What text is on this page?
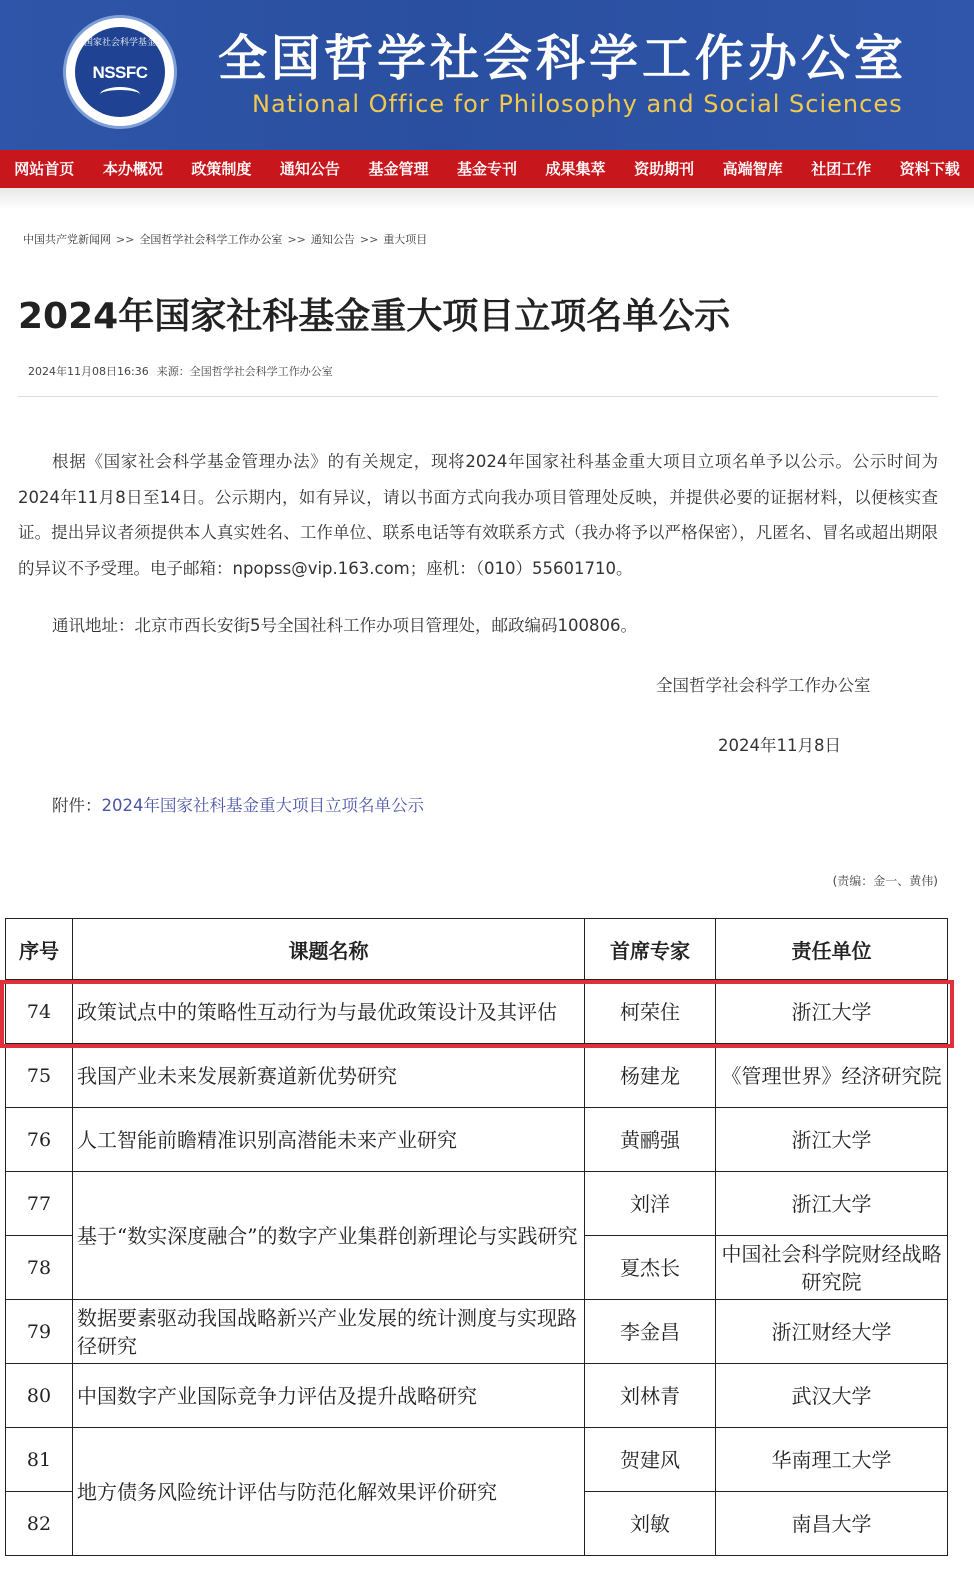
国家社会科学基金
NSSFC	全国哲学社会科学工作办公室
National Office for Philosophy and Social Sciences
网站首页	本办概况	政策制度	通知公告	基金管理	基金专刊	成果集萃	资助期刊	高端智库	社团工作	资料下载
中国共产党新闻网 >> 全国哲学社会科学工作办公室 >> 通知公告 >> 重大项目
2024年国家社科基金重大项目立项名单公示
2024年11月08日16:36 来源：全国哲学社会科学工作办公室
根据《国家社会科学基金管理办法》的有关规定，现将2024年国家社科基金重大项目立项名单予以公示。公示时间为2024年11月8日至14日。公示期内，如有异议，请以书面方式向我办项目管理处反映，并提供必要的证据材料，以便核实查证。提出异议者须提供本人真实姓名、工作单位、联系电话等有效联系方式（我办将予以严格保密），凡匿名、冒名或超出期限的异议不予受理。电子邮箱：npopss@vip.163.com；座机：（010）55601710。
通讯地址：北京市西长安街5号全国社科工作办项目管理处，邮政编码100806。
全国哲学社会科学工作办公室
2024年11月8日
附件：2024年国家社科基金重大项目立项名单公示
(责编：金一、黄伟)
序号	课题名称	首席专家	责任单位
74	政策试点中的策略性互动行为与最优政策设计及其评估	柯荣住	浙江大学
75	我国产业未来发展新赛道新优势研究	杨建龙	《管理世界》经济研究院
76	人工智能前瞻精准识别高潜能未来产业研究	黄鹂强	浙江大学
77	基于“数实深度融合”的数字产业集群创新理论与实践研究	刘洋	浙江大学
78		夏杰长	中国社会科学院财经战略研究院
79	数据要素驱动我国战略新兴产业发展的统计测度与实现路径研究	李金昌	浙江财经大学
80	中国数字产业国际竞争力评估及提升战略研究	刘林青	武汉大学
81	地方债务风险统计评估与防范化解效果评价研究	贺建风	华南理工大学
82		刘敏	南昌大学
